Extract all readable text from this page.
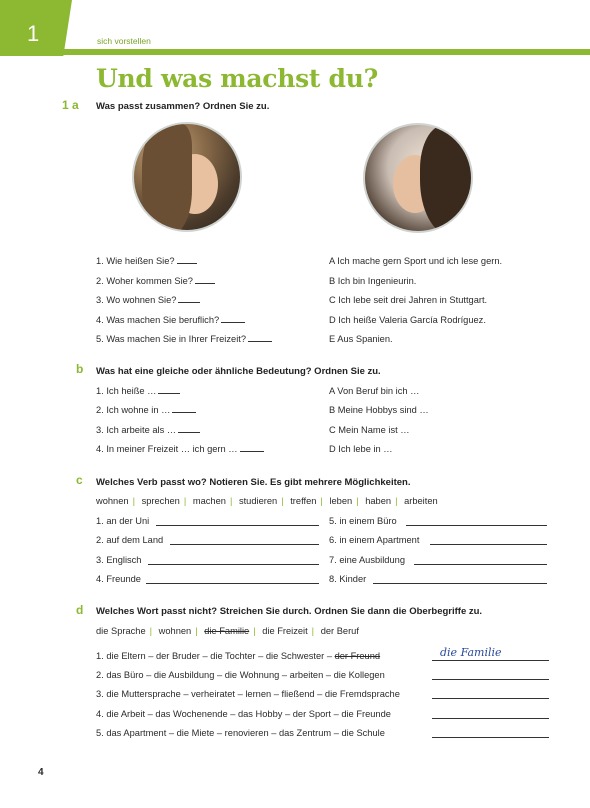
1	sich vorstellen
Und was machst du?
1 a Was passt zusammen? Ordnen Sie zu.
1. Wie heißen Sie?
2. Woher kommen Sie?
3. Wo wohnen Sie?
4. Was machen Sie beruflich?
5. Was machen Sie in Ihrer Freizeit?
A Ich mache gern Sport und ich lese gern.
B Ich bin Ingenieurin.
C Ich lebe seit drei Jahren in Stuttgart.
D Ich heiße Valeria García Rodríguez.
E Aus Spanien.
b Was hat eine gleiche oder ähnliche Bedeutung? Ordnen Sie zu.
1. Ich heiße …
2. Ich wohne in …
3. Ich arbeite als …
4. In meiner Freizeit … ich gern …
A Von Beruf bin ich …
B Meine Hobbys sind …
C Mein Name ist …
D Ich lebe in …
c Welches Verb passt wo? Notieren Sie. Es gibt mehrere Möglichkeiten.
wohnen | sprechen | machen | studieren | treffen | leben | haben | arbeiten
1. an der Uni
2. auf dem Land
3. Englisch
4. Freunde
5. in einem Büro
6. in einem Apartment
7. eine Ausbildung
8. Kinder
d Welches Wort passt nicht? Streichen Sie durch. Ordnen Sie dann die Oberbegriffe zu.
die Sprache | wohnen | die Familie | die Freizeit | der Beruf
1. die Eltern – der Bruder – die Tochter – die Schwester – der Freund
2. das Büro – die Ausbildung – die Wohnung – arbeiten – die Kollegen
3. die Muttersprache – verheiratet – lernen – fließend – die Fremdsprache
4. die Arbeit – das Wochenende – das Hobby – der Sport – die Freunde
5. das Apartment – die Miete – renovieren – das Zentrum – die Schule
die Familie
4
